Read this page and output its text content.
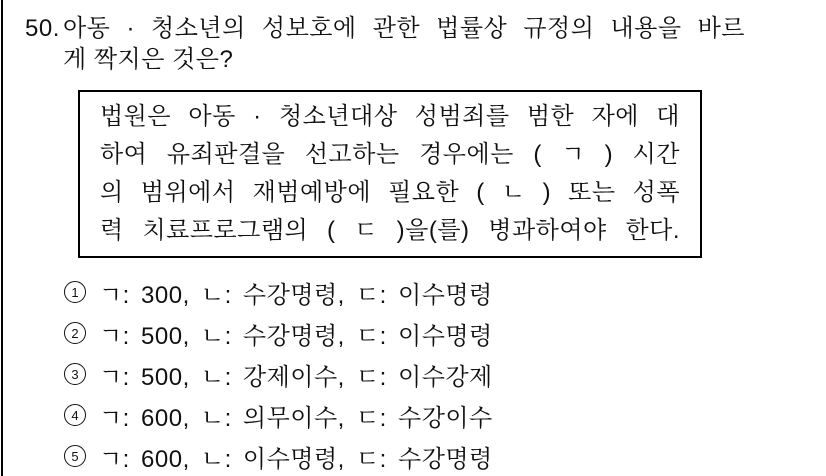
50. 아동 · 청소년의 성보호에 관한 법률상 규정의 내용을 바르
게 짝지은 것은?
법원은 아동 · 청소년대상 성범죄를 범한 자에 대
하여 유죄판결을 선고하는 경우에는 ( ㄱ ) 시간
의 범위에서 재범예방에 필요한 ( ㄴ ) 또는 성폭
력 치료프로그램의 ( ㄷ )을(를) 병과하여야 한다.
1 ㄱ: 300, ㄴ: 수강명령, ㄷ: 이수명령
2 ㄱ: 500, ㄴ: 수강명령, ㄷ: 이수명령
3 ㄱ: 500, ㄴ: 강제이수, ㄷ: 이수강제
4 ㄱ: 600, ㄴ: 의무이수, ㄷ: 수강이수
5 ㄱ: 600, ㄴ: 이수명령, ㄷ: 수강명령
